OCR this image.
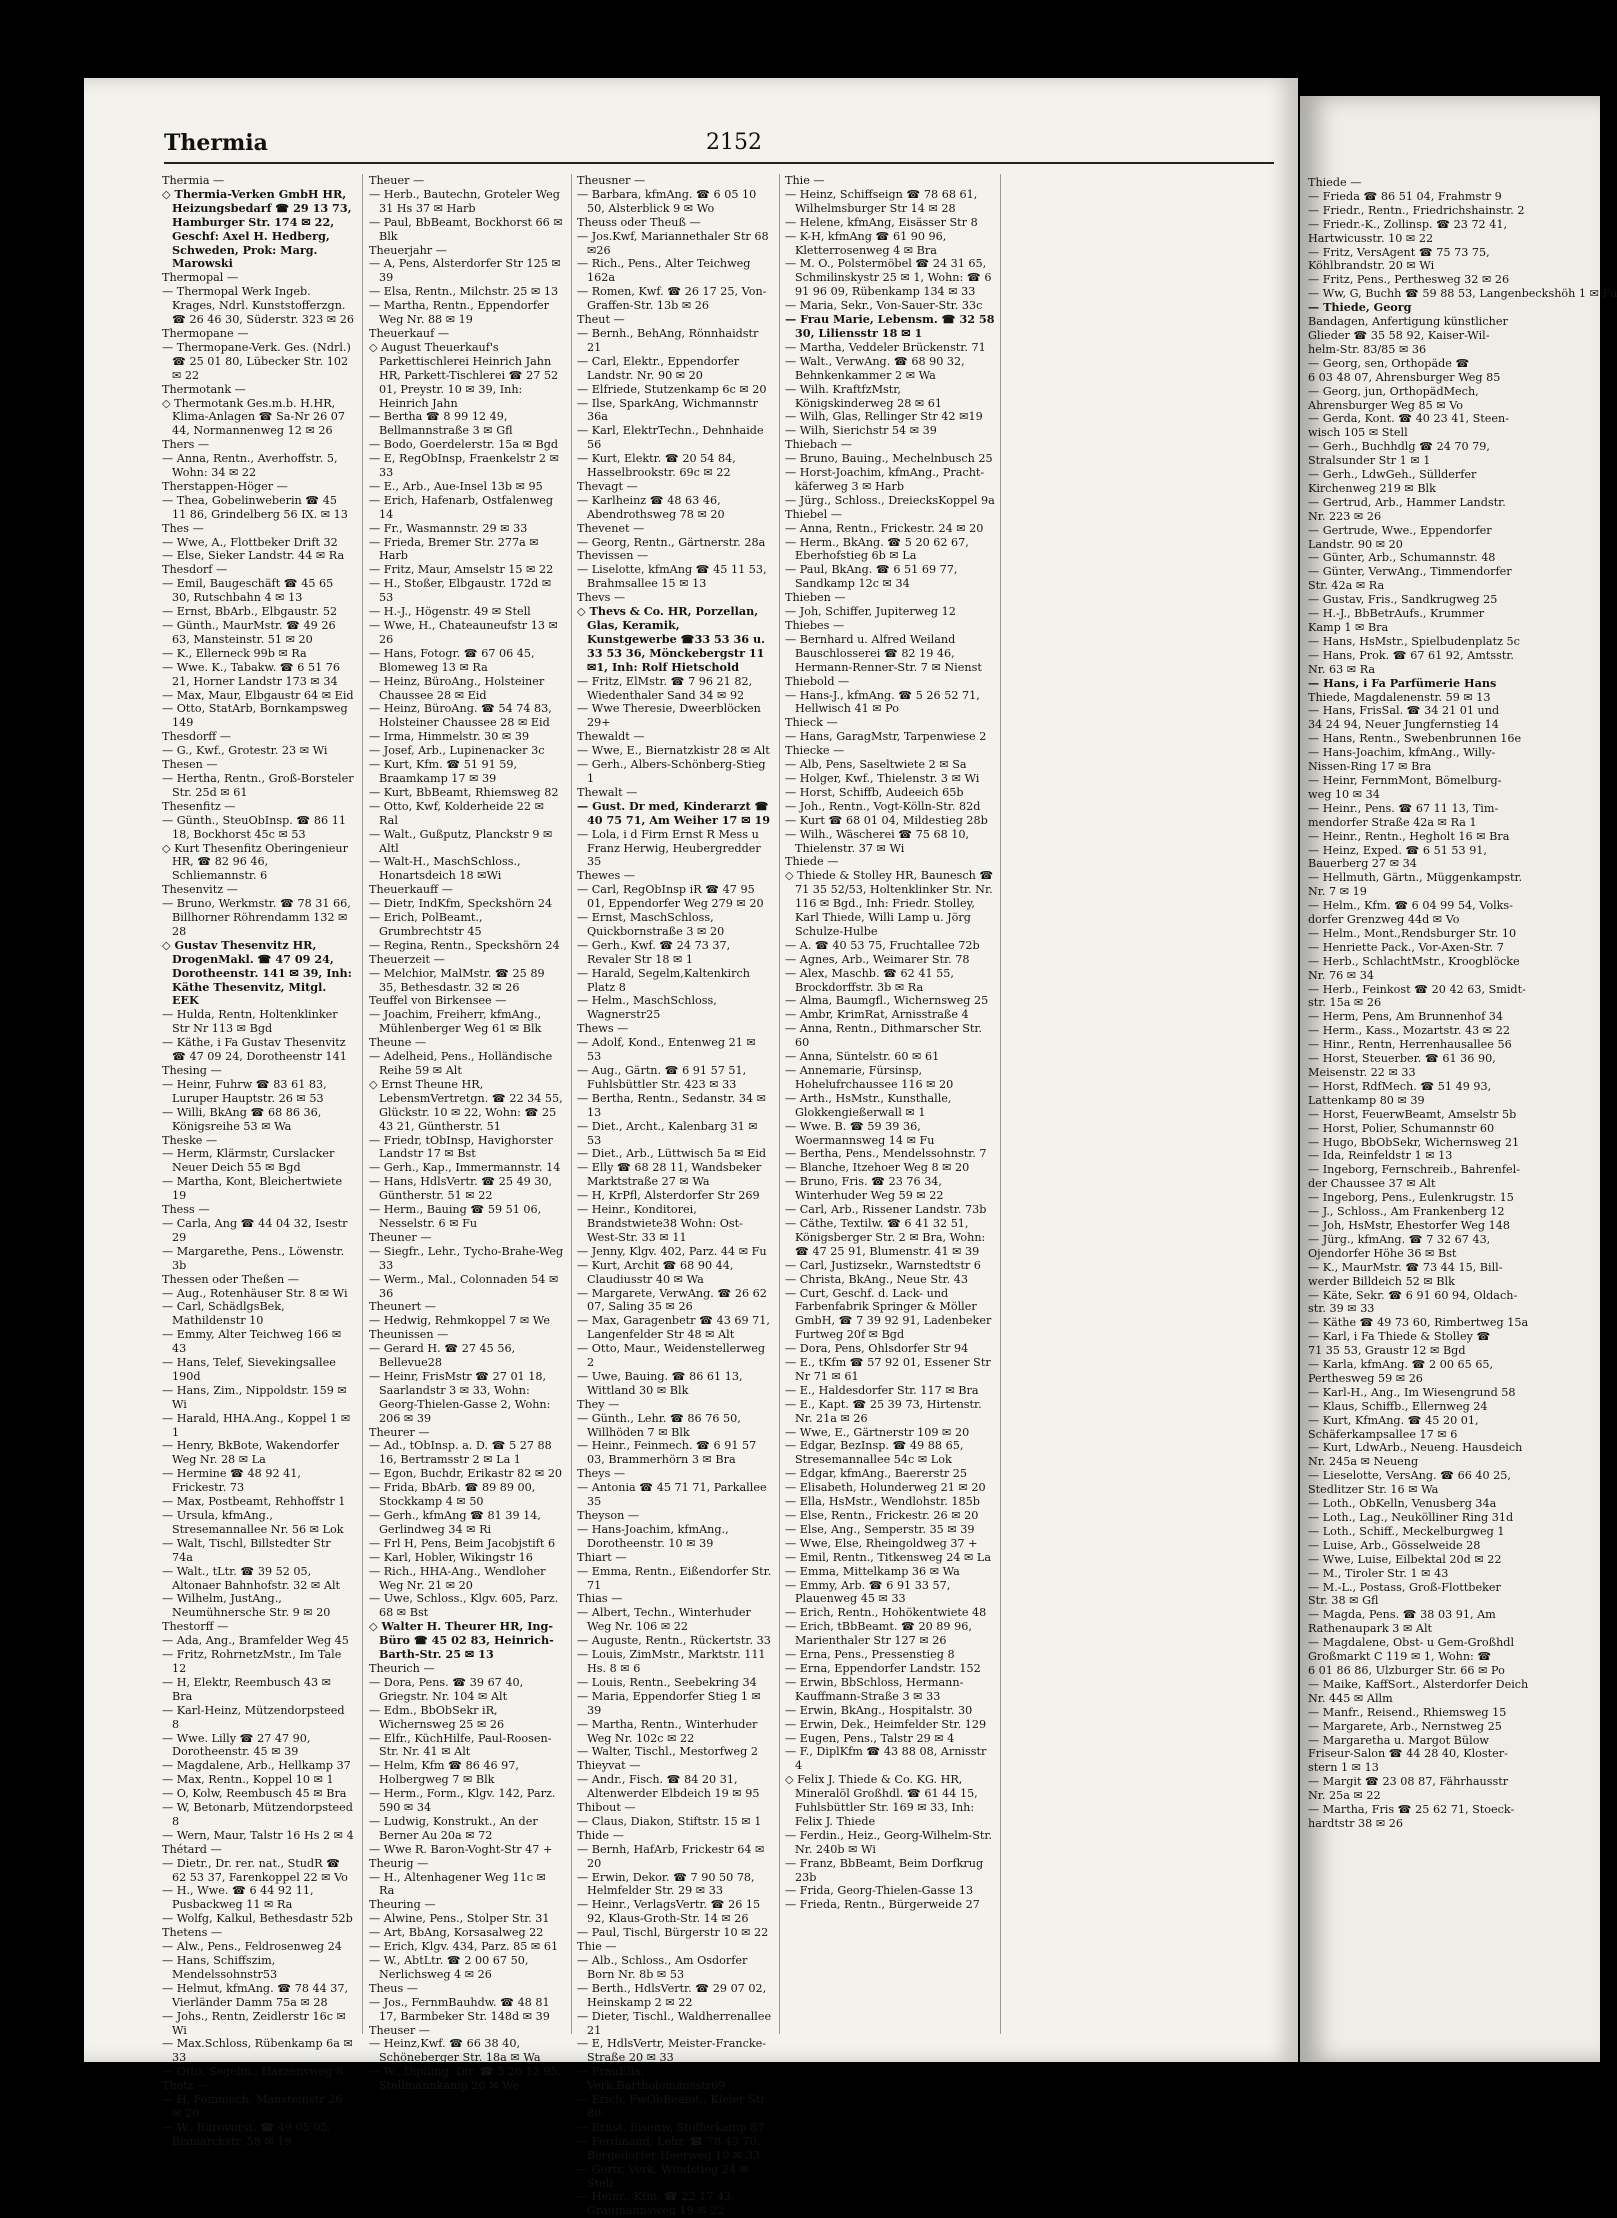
Thermia	2152

Thermia —

◇ Thermia-Verken GmbH HR, Heizungsbedarf ☎ 29 13 73, Hamburger Str. 174 ✉ 22, Geschf: Axel H. Hedberg, Schweden, Prok: Marg. Marowski

Thermopal —

— Thermopal Werk Ingeb. Krages, Ndrl. Kunststofferzgn. ☎ 26 46 30, Süderstr. 323 ✉ 26

Thermopane —

— Thermopane-Verk. Ges. (Ndrl.) ☎ 25 01 80, Lübecker Str. 102 ✉ 22

Thermotank —

◇ Thermotank Ges.m.b. H.HR, Klima-Anlagen ☎ Sa-Nr 26 07 44, Normannenweg 12 ✉ 26

Thers —

— Anna, Rentn., Averhoffstr. 5, Wohn: 34 ✉ 22

Therstappen-Höger —

— Thea, Gobelinweberin ☎ 45 11 86, Grindelberg 56 IX. ✉ 13

Thes —

— Wwe, A., Flottbeker Drift 32

— Else, Sieker Landstr. 44 ✉ Ra

Thesdorf —

— Emil, Baugeschäft ☎ 45 65 30, Rutschbahn 4 ✉ 13

— Ernst, BbArb., Elbgaustr. 52

— Günth., MaurMstr. ☎ 49 26 63, Mansteinstr. 51 ✉ 20

— K., Ellerneck 99b ✉ Ra

— Wwe. K., Tabakw. ☎ 6 51 76 21, Horner Landstr 173 ✉ 34

— Max, Maur, Elbgaustr 64 ✉ Eid

— Otto, StatArb, Bornkampsweg 149

Thesdorff —

— G., Kwf., Grotestr. 23 ✉ Wi

Thesen —

— Hertha, Rentn., Groß-Borsteler Str. 25d ✉ 61

Thesenfitz —

— Günth., SteuObInsp. ☎ 86 11 18, Bockhorst 45c ✉ 53

◇ Kurt Thesenfitz Oberingenieur HR, ☎ 82 96 46, Schliemannstr. 6

Thesenvitz —

— Bruno, Werkmstr. ☎ 78 31 66, Billhorner Röhrendamm 132 ✉ 28

◇ Gustav Thesenvitz HR, DrogenMakl. ☎ 47 09 24, Dorotheenstr. 141 ✉ 39, Inh: Käthe Thesenvitz, Mitgl. EEK

— Hulda, Rentn, Holtenklinker Str Nr 113 ✉ Bgd

— Käthe, i Fa Gustav Thesenvitz ☎ 47 09 24, Dorotheenstr 141

Thesing —

— Heinr, Fuhrw ☎ 83 61 83, Luruper Hauptstr. 26 ✉ 53

— Willi, BkAng ☎ 68 86 36, Königsreihe 53 ✉ Wa

Theske —

— Herm, Klärmstr, Curslacker Neuer Deich 55 ✉ Bgd

— Martha, Kont, Bleichertwiete 19

Thess —

— Carla, Ang ☎ 44 04 32, Isestr 29

— Margarethe, Pens., Löwenstr. 3b

Thessen oder Theßen —

— Aug., Rotenhäuser Str. 8 ✉ Wi

— Carl, SchädlgsBek, Mathildenstr 10

— Emmy, Alter Teichweg 166 ✉ 43

— Hans, Telef, Sievekingsallee 190d

— Hans, Zim., Nippoldstr. 159 ✉ Wi

— Harald, HHA.Ang., Koppel 1 ✉ 1

— Henry, BkBote, Wakendorfer Weg Nr. 28 ✉ La

— Hermine ☎ 48 92 41, Frickestr. 73

— Max, Postbeamt, Rehhoffstr 1

— Ursula, kfmAng., Stresemannallee Nr. 56 ✉ Lok

— Walt, Tischl, Billstedter Str 74a

— Walt., tLtr. ☎ 39 52 05, Altonaer Bahnhofstr. 32 ✉ Alt

— Wilhelm, JustAng., Neumühnersche Str. 9 ✉ 20

Thestorff —

— Ada, Ang., Bramfelder Weg 45

— Fritz, RohrnetzMstr., Im Tale 12

— H, Elektr, Reembusch 43 ✉ Bra

— Karl-Heinz, Mützendorpsteed 8

— Wwe. Lilly ☎ 27 47 90, Dorotheenstr. 45 ✉ 39

— Magdalene, Arb., Hellkamp 37

— Max, Rentn., Koppel 10 ✉ 1

— O, Kolw, Reembusch 45 ✉ Bra

— W, Betonarb, Mützendorpsteed 8

— Wern, Maur, Talstr 16 Hs 2 ✉ 4

Thétard —

— Dietr., Dr. rer. nat., StudR ☎ 62 53 37, Farenkoppel 22 ✉ Vo

— H., Wwe. ☎ 6 44 92 11, Pusbackweg 11 ✉ Ra

— Wolfg, Kalkul, Bethesdastr 52b

Thetens —

— Alw., Pens., Feldrosenweg 24

— Hans, Schiffszim, Mendelssohnstr53

— Helmut, kfmAng. ☎ 78 44 37, Vierländer Damm 75a ✉ 28

— Johs., Rentn, Zeidlerstr 16c ✉ Wi

— Max.Schloss, Rübenkamp 6a ✉33

— Otto, Segelm., Harzensweg 8

Thetz —

— H, Feinmech, Mansteinstr 26 ✉ 20

— W., Bürovorst. ☎ 49 05 05, Bismarckstr. 58 ✉ 19

Theuer —

— Herb., Bautechn, Groteler Weg 31 Hs 37 ✉ Harb

— Paul, BbBeamt, Bockhorst 66 ✉Blk

Theuerjahr —

— A, Pens, Alsterdorfer Str 125 ✉39

— Elsa, Rentn., Milchstr. 25 ✉ 13

— Martha, Rentn., Eppendorfer Weg Nr. 88 ✉ 19

Theuerkauf —

◇ August Theuerkauf's Parkettischlerei Heinrich Jahn HR, Parkett-Tischlerei ☎ 27 52 01, Preystr. 10 ✉ 39, Inh: Heinrich Jahn

— Bertha ☎ 8 99 12 49, Bellmannstraße 3 ✉ Gfl

— Bodo, Goerdelerstr. 15a ✉ Bgd

— E, RegObInsp, Fraenkelstr 2 ✉ 33

— E., Arb., Aue-Insel 13b ✉ 95

— Erich, Hafenarb, Ostfalenweg 14

— Fr., Wasmannstr. 29 ✉ 33

— Frieda, Bremer Str. 277a ✉ Harb

— Fritz, Maur, Amselstr 15 ✉ 22

— H., Stoßer, Elbgaustr. 172d ✉ 53

— H.-J., Högenstr. 49 ✉ Stell

— Wwe, H., Chateauneufstr 13 ✉ 26

— Hans, Fotogr. ☎ 67 06 45, Blomeweg 13 ✉ Ra

— Heinz, BüroAng., Holsteiner Chaussee 28 ✉ Eid

— Heinz, BüroAng. ☎ 54 74 83, Holsteiner Chaussee 28 ✉ Eid

— Irma, Himmelstr. 30 ✉ 39

— Josef, Arb., Lupinenacker 3c

— Kurt, Kfm. ☎ 51 91 59, Braamkamp 17 ✉ 39

— Kurt, BbBeamt, Rhiemsweg 82

— Otto, Kwf, Kolderheide 22 ✉ Ral

— Walt., Gußputz, Planckstr 9 ✉Altl

— Walt-H., MaschSchloss., Honartsdeich 18 ✉Wi

Theuerkauff —

— Dietr, IndKfm, Speckshörn 24

— Erich, PolBeamt., Grumbrechtstr 45

— Regina, Rentn., Speckshörn 24

Theuerzeit —

— Melchior, MalMstr. ☎ 25 89 35, Bethesdastr. 32 ✉ 26

Teuffel von Birkensee —

— Joachim, Freiherr, kfmAng., Mühlenberger Weg 61 ✉ Blk

Theune —

— Adelheid, Pens., Holländische Reihe 59 ✉ Alt

◇ Ernst Theune HR, LebensmVertretgn. ☎ 22 34 55, Glückstr. 10 ✉ 22, Wohn: ☎ 25 43 21, Güntherstr. 51

— Friedr, tObInsp, Havighorster Landstr 17 ✉ Bst

— Gerh., Kap., Immermannstr. 14

— Hans, HdlsVertr. ☎ 25 49 30, Güntherstr. 51 ✉ 22

— Herm., Bauing ☎ 59 51 06, Nesselstr. 6 ✉ Fu

Theuner —

— Siegfr., Lehr., Tycho-Brahe-Weg 33

— Werm., Mal., Colonnaden 54 ✉ 36

Theunert —

— Hedwig, Rehmkoppel 7 ✉ We

Theunissen —

— Gerard H. ☎ 27 45 56, Bellevue28

— Heinr, FrisMstr ☎ 27 01 18, Saarlandstr 3 ✉ 33, Wohn: Georg-Thielen-Gasse 2, Wohn: 206 ✉ 39

Theurer —

— Ad., tObInsp. a. D. ☎ 5 27 88 16, Bertramsstr 2 ✉ La 1

— Egon, Buchdr, Erikastr 82 ✉ 20

— Frida, BbArb. ☎ 89 89 00, Stockkamp 4 ✉ 50

— Gerh., kfmAng ☎ 81 39 14, Gerlindweg 34 ✉ Ri

— Frl H, Pens, Beim Jacobjstift 6

— Karl, Hobler, Wikingstr 16

— Rich., HHA-Ang., Wendloher Weg Nr. 21 ✉ 20

— Uwe, Schloss., Klgv. 605, Parz. 68 ✉ Bst

◇ Walter H. Theurer HR, Ing-Büro ☎ 45 02 83, Heinrich-Barth-Str. 25 ✉ 13

Theurich —

— Dora, Pens. ☎ 39 67 40, Griegstr. Nr. 104 ✉ Alt

— Edm., BbObSekr iR, Wichernsweg 25 ✉ 26

— Elfr., KüchHilfe, Paul-Roosen-Str. Nr. 41 ✉ Alt

— Helm, Kfm ☎ 86 46 97, Holbergweg 7 ✉ Blk

— Herm., Form., Klgv. 142, Parz. 590 ✉ 34

— Ludwig, Konstrukt., An der Berner Au 20a ✉ 72

— Wwe R. Baron-Voght-Str 47 +

Theurig —

— H., Altenhagener Weg 11c ✉ Ra

Theuring —

— Alwine, Pens., Stolper Str. 31

— Art, BbAng, Korsasalweg 22

— Erich, Klgv. 434, Parz. 85 ✉ 61

— W., AbtLtr. ☎ 2 00 67 50, Nerlichsweg 4 ✉ 26

Theus —

— Jos., FernmBauhdw. ☎ 48 81 17, Barmbeker Str. 148d ✉ 39

Theuser —

— Heinz,Kwf. ☎ 66 38 40, Schöneberger Str. 18a ✉ Wa

— W., Diplling. Dir. ☎ 5 26 12 95, Stellmannkamp 20 ✉ We

Theusner —

— Barbara, kfmAng. ☎ 6 05 10 50, Alsterblick 9 ✉ Wo

Theuss oder Theuß —

— Jos.Kwf, Mariannethaler Str 68 ✉26

— Rich., Pens., Alter Teichweg 162a

— Romen, Kwf. ☎ 26 17 25, Von-Graffen-Str. 13b ✉ 26

Theut —

— Bernh., BehAng, Rönnhaidstr 21

— Carl, Elektr., Eppendorfer Landstr. Nr. 90 ✉ 20

— Elfriede, Stutzenkamp 6c ✉ 20

— Ilse, SparkAng, Wichmannstr 36a

— Karl, ElektrTechn., Dehnhaide 56

— Kurt, Elektr. ☎ 20 54 84, Hasselbrookstr. 69c ✉ 22

Thevagt —

— Karlheinz ☎ 48 63 46, Abendrothsweg 78 ✉ 20

Thevenet —

— Georg, Rentn., Gärtnerstr. 28a

Thevissen —

— Liselotte, kfmAng ☎ 45 11 53, Brahmsallee 15 ✉ 13

Thevs —

◇ Thevs & Co. HR, Porzellan, Glas, Keramik, Kunstgewerbe ☎33 53 36 u. 33 53 36, Mönckebergstr 11 ✉1, Inh: Rolf Hietschold

— Fritz, ElMstr. ☎ 7 96 21 82, Wiedenthaler Sand 34 ✉ 92

— Wwe Theresie, Dweerblöcken 29+

Thewaldt —

— Wwe, E., Biernatzkistr 28 ✉ Alt

— Gerh., Albers-Schönberg-Stieg 1

Thewalt —

— Gust. Dr med, Kinderarzt ☎ 40 75 71, Am Weiher 17 ✉ 19

— Lola, i d Firm Ernst R Mess u Franz Herwig, Heubergredder 35

Thewes —

— Carl, RegObInsp iR ☎ 47 95 01, Eppendorfer Weg 279 ✉ 20

— Ernst, MaschSchloss, Quickbornstraße 3 ✉ 20

— Gerh., Kwf. ☎ 24 73 37, Revaler Str 18 ✉ 1

— Harald, Segelm,Kaltenkirch Platz 8

— Helm., MaschSchloss, Wagnerstr25

Thews —

— Adolf, Kond., Entenweg 21 ✉ 53

— Aug., Gärtn. ☎ 6 91 57 51, Fuhlsbüttler Str. 423 ✉ 33

— Bertha, Rentn., Sedanstr. 34 ✉ 13

— Diet., Archt., Kalenbarg 31 ✉ 53

— Diet., Arb., Lüttwisch 5a ✉ Eid

— Elly ☎ 68 28 11, Wandsbeker Marktstraße 27 ✉ Wa

— H, KrPfl, Alsterdorfer Str 269

— Heinr., Konditorei, Brandstwiete38 Wohn: Ost-West-Str. 33 ✉ 11

— Jenny, Klgv. 402, Parz. 44 ✉ Fu

— Kurt, Archit ☎ 68 90 44, Claudiusstr 40 ✉ Wa

— Margarete, VerwAng. ☎ 26 62 07, Saling 35 ✉ 26

— Max, Garagenbetr ☎ 43 69 71, Langenfelder Str 48 ✉ Alt

— Otto, Maur., Weidenstellerweg 2

— Uwe, Bauing. ☎ 86 61 13, Wittland 30 ✉ Blk

They —

— Günth., Lehr. ☎ 86 76 50, Willhöden 7 ✉ Blk

— Heinr., Feinmech. ☎ 6 91 57 03, Brammerhörn 3 ✉ Bra

Theys —

— Antonia ☎ 45 71 71, Parkallee 35

Theyson —

— Hans-Joachim, kfmAng., Dorotheenstr. 10 ✉ 39

Thiart —

— Emma, Rentn., Eißendorfer Str. 71

Thias —

— Albert, Techn., Winterhuder Weg Nr. 106 ✉ 22

— Auguste, Rentn., Rückertstr. 33

— Louis, ZimMstr., Marktstr. 111 Hs. 8 ✉ 6

— Louis, Rentn., Seebekring 34

— Maria, Eppendorfer Stieg 1 ✉ 39

— Martha, Rentn., Winterhuder Weg Nr. 102c ✉ 22

— Walter, Tischl., Mestorfweg 2

Thieyvat —

— Andr., Fisch. ☎ 84 20 31, Altenwerder Elbdeich 19 ✉ 95

Thibout —

— Claus, Diakon, Stiftstr. 15 ✉ 1

Thide —

— Bernh, HafArb, Frickestr 64 ✉ 20

— Erwin, Dekor. ☎ 7 90 50 78, Helmfelder Str. 29 ✉ 33

— Heinr., VerlagsVertr. ☎ 26 15 92, Klaus-Groth-Str. 14 ✉ 26

— Paul, Tischl, Bürgerstr 10 ✉ 22

Thie —

— Alb., Schloss., Am Osdorfer Born Nr. 8b ✉ 53

— Berth., HdlsVertr. ☎ 29 07 02, Heinskamp 2 ✉ 22

— Dieter, Tischl., Waldherrenallee 21

— E, HdlsVertr, Meister-Francke-Straße 20 ✉ 33

— FrauElla, Verk,Bartholomäusstr69

— Erich, FwObBeamt., Kieler Str. 80

— Ernst, Eisenw, Stofferkamp 87

— Ferdinand, Lehr. ☎ 78 43 70, Bergedorfer Heerweg 10 ✉ 33

— Gertr, Verk, Windstieg 24 ✉ Stell

— Heinr., Kfm. ☎ 22 17 43, Graumannsweg 19 ✉ 22

Thie —

— Heinz, Schiffseign ☎ 78 68 61, Wilhelmsburger Str 14 ✉ 28

— Helene, kfmAng, Eisässer Str 8

— K-H, kfmAng ☎ 61 90 96, Kletterrosenweg 4 ✉ Bra

— M. O., Polstermöbel ☎ 24 31 65, Schmilinskystr 25 ✉ 1, Wohn: ☎ 6 91 96 09, Rübenkamp 134 ✉ 33

— Maria, Sekr., Von-Sauer-Str. 33c

— Frau Marie, Lebensm. ☎ 32 58 30, Liliensstr 18 ✉ 1

— Martha, Veddeler Brückenstr. 71

— Walt., VerwAng. ☎ 68 90 32, Behnkenkammer 2 ✉ Wa

— Wilh. KraftfzMstr, Königskinderweg 28 ✉ 61

— Wilh, Glas, Rellinger Str 42 ✉19

— Wilh, Sierichstr 54 ✉ 39

Thiebach —

— Bruno, Bauing., Mechelnbusch 25

— Horst-Joachim, kfmAng., Pracht-käferweg 3 ✉ Harb

— Jürg., Schloss., DreiecksKoppel 9a

Thiebel —

— Anna, Rentn., Frickestr. 24 ✉ 20

— Herm., BkAng. ☎ 5 20 62 67, Eberhofstieg 6b ✉ La

— Paul, BkAng. ☎ 6 51 69 77, Sandkamp 12c ✉ 34

Thieben —

— Joh, Schiffer, Jupiterweg 12

Thiebes —

— Bernhard u. Alfred Weiland Bauschlosserei ☎ 82 19 46, Hermann-Renner-Str. 7 ✉ Nienst

Thiebold —

— Hans-J., kfmAng. ☎ 5 26 52 71, Hellwisch 41 ✉ Po

Thieck —

— Hans, GaragMstr, Tarpenwiese 2

Thiecke —

— Alb, Pens, Saseltwiete 2 ✉ Sa

— Holger, Kwf., Thielenstr. 3 ✉ Wi

— Horst, Schiffb, Audeeich 65b

— Joh., Rentn., Vogt-Kölln-Str. 82d

— Kurt ☎ 68 01 04, Mildestieg 28b

— Wilh., Wäscherei ☎ 75 68 10, Thielenstr. 37 ✉ Wi

Thiede —

◇ Thiede & Stolley HR, Baunesch ☎ 71 35 52/53, Holtenklinker Str. Nr. 116 ✉ Bgd., Inh: Friedr. Stolley, Karl Thiede, Willi Lamp u. Jörg Schulze-Hulbe

— A. ☎ 40 53 75, Fruchtallee 72b

— Agnes, Arb., Weimarer Str. 78

— Alex, Maschb. ☎ 62 41 55, Brockdorffstr. 3b ✉ Ra

— Alma, Baumgfl., Wichernsweg 25

— Ambr, KrimRat, Arnisstraße 4

— Anna, Rentn., Dithmarscher Str. 60

— Anna, Süntelstr. 60 ✉ 61

— Annemarie, Fürsinsp, Hohelufrchaussee 116 ✉ 20

— Arth., HsMstr., Kunsthalle, Glokkengießerwall ✉ 1

— Wwe. B. ☎ 59 39 36, Woermannsweg 14 ✉ Fu

— Bertha, Pens., Mendelssohnstr. 7

— Blanche, Itzehoer Weg 8 ✉ 20

— Bruno, Fris. ☎ 23 76 34, Winterhuder Weg 59 ✉ 22

— Carl, Arb., Rissener Landstr. 73b

— Cäthe, Textilw. ☎ 6 41 32 51, Königsberger Str. 2 ✉ Bra, Wohn: ☎ 47 25 91, Blumenstr. 41 ✉ 39

— Carl, Justizsekr., Warnstedtstr 6

— Christa, BkAng., Neue Str. 43

— Curt, Geschf. d. Lack- und Farbenfabrik Springer & Möller GmbH, ☎ 7 39 92 91, Ladenbeker Furtweg 20f ✉ Bgd

— Dora, Pens, Ohlsdorfer Str 94

— E., tKfm ☎ 57 92 01, Essener Str Nr 71 ✉ 61

— E., Haldesdorfer Str. 117 ✉ Bra

— E., Kapt. ☎ 25 39 73, Hirtenstr. Nr. 21a ✉ 26

— Wwe, E., Gärtnerstr 109 ✉ 20

— Edgar, BezInsp. ☎ 49 88 65, Stresemannallee 54c ✉ Lok

— Edgar, kfmAng., Baererstr 25

— Elisabeth, Holunderweg 21 ✉ 20

— Ella, HsMstr., Wendlohstr. 185b

— Else, Rentn., Frickestr. 26 ✉ 20

— Else, Ang., Semperstr. 35 ✉ 39

— Wwe, Else, Rheingoldweg 37 +

— Emil, Rentn., Titkensweg 24 ✉ La

— Emma, Mittelkamp 36 ✉ Wa

— Emmy, Arb. ☎ 6 91 33 57, Plauenweg 45 ✉ 33

— Erich, Rentn., Hohökentwiete 48

— Erich, tBbBeamt. ☎ 20 89 96, Marienthaler Str 127 ✉ 26

— Erna, Pens., Pressenstieg 8

— Erna, Eppendorfer Landstr. 152

— Erwin, BbSchloss, Hermann-Kauffmann-Straße 3 ✉ 33

— Erwin, BkAng., Hospitalstr. 30

— Erwin, Dek., Heimfelder Str. 129

— Eugen, Pens., Talstr 29 ✉ 4

— F., DiplKfm ☎ 43 88 08, Arnisstr 4

◇ Felix J. Thiede & Co. KG. HR, Mineralöl Großhdl. ☎ 61 44 15, Fuhlsbüttler Str. 169 ✉ 33, Inh: Felix J. Thiede

— Ferdin., Heiz., Georg-Wilhelm-Str. Nr. 240b ✉ Wi

— Franz, BbBeamt, Beim Dorfkrug 23b

— Frida, Georg-Thielen-Gasse 13

— Frieda, Rentn., Bürgerweide 27

Thiede —

— Frieda ☎ 86 51 04, Frahmstr 9

— Friedr., Rentn., Friedrichshainstr. 2

— Friedr.-K., Zollinsp. ☎ 23 72 41,

Hartwicusstr. 10 ✉ 22

— Fritz, VersAgent ☎ 75 73 75,

Köhlbrandstr. 20 ✉ Wi

— Fritz, Pens., Perthesweg 32 ✉ 26

— Ww, G, Buchh ☎ 59 88 53, Langenbeckshöh 1 ✉ Fu

— Thiede, Georg

Bandagen, Anfertigung künstlicher

Glieder ☎ 35 58 92, Kaiser-Wil-

helm-Str. 83/85 ✉ 36

— Georg, sen, Orthopäde ☎

6 03 48 07, Ahrensburger Weg 85

— Georg, jun, OrthopädMech,

Ahrensburger Weg 85 ✉ Vo

— Gerda, Kont. ☎ 40 23 41, Steen-

wisch 105 ✉ Stell

— Gerh., Buchhdlg ☎ 24 70 79,

Stralsunder Str 1 ✉ 1

— Gerh., LdwGeh., Süllderfer

Kirchenweg 219 ✉ Blk

— Gertrud, Arb., Hammer Landstr.

Nr. 223 ✉ 26

— Gertrude, Wwe., Eppendorfer

Landstr. 90 ✉ 20

— Günter, Arb., Schumannstr. 48

— Günter, VerwAng., Timmendorfer

Str. 42a ✉ Ra

— Gustav, Fris., Sandkrugweg 25

— H.-J., BbBetrAufs., Krummer

Kamp 1 ✉ Bra

— Hans, HsMstr., Spielbudenplatz 5c

— Hans, Prok. ☎ 67 61 92, Amtsstr.

Nr. 63 ✉ Ra

— Hans, i Fa Parfümerie Hans

Thiede, Magdalenenstr. 59 ✉ 13

— Hans, FrisSal. ☎ 34 21 01 und

34 24 94, Neuer Jungfernstieg 14

— Hans, Rentn., Swebenbrunnen 16e

— Hans-Joachim, kfmAng., Willy-

Nissen-Ring 17 ✉ Bra

— Heinr, FernmMont, Bömelburg-

weg 10 ✉ 34

— Heinr., Pens. ☎ 67 11 13, Tim-

mendorfer Straße 42a ✉ Ra 1

— Heinr., Rentn., Hegholt 16 ✉ Bra

— Heinz, Exped. ☎ 6 51 53 91,

Bauerberg 27 ✉ 34

— Hellmuth, Gärtn., Müggenkampstr.

Nr. 7 ✉ 19

— Helm., Kfm. ☎ 6 04 99 54, Volks-

dorfer Grenzweg 44d ✉ Vo

— Helm., Mont.,Rendsburger Str. 10

— Henriette Pack., Vor-Axen-Str. 7

— Herb., SchlachtMstr., Kroogblöcke

Nr. 76 ✉ 34

— Herb., Feinkost ☎ 20 42 63, Smidt-

str. 15a ✉ 26

— Herm, Pens, Am Brunnenhof 34

— Herm., Kass., Mozartstr. 43 ✉ 22

— Hinr., Rentn, Herrenhausallee 56

— Horst, Steuerber. ☎ 61 36 90,

Meisenstr. 22 ✉ 33

— Horst, RdfMech. ☎ 51 49 93,

Lattenkamp 80 ✉ 39

— Horst, FeuerwBeamt, Amselstr 5b

— Horst, Polier, Schumannstr 60

— Hugo, BbObSekr, Wichernsweg 21

— Ida, Reinfeldstr 1 ✉ 13

— Ingeborg, Fernschreib., Bahrenfel-

der Chaussee 37 ✉ Alt

— Ingeborg, Pens., Eulenkrugstr. 15

— J., Schloss., Am Frankenberg 12

— Joh, HsMstr, Ehestorfer Weg 148

— Jürg., kfmAng. ☎ 7 32 67 43,

Ojendorfer Höhe 36 ✉ Bst

— K., MaurMstr. ☎ 73 44 15, Bill-

werder Billdeich 52 ✉ Blk

— Käte, Sekr. ☎ 6 91 60 94, Oldach-

str. 39 ✉ 33

— Käthe ☎ 49 73 60, Rimbertweg 15a

— Karl, i Fa Thiede & Stolley ☎

71 35 53, Graustr 12 ✉ Bgd

— Karla, kfmAng. ☎ 2 00 65 65,

Perthesweg 59 ✉ 26

— Karl-H., Ang., Im Wiesengrund 58

— Klaus, Schiffb., Ellernweg 24

— Kurt, KfmAng. ☎ 45 20 01,

Schäferkampsallee 17 ✉ 6

— Kurt, LdwArb., Neueng. Hausdeich

Nr. 245a ✉ Neueng

— Lieselotte, VersAng. ☎ 66 40 25,

Stedlitzer Str. 16 ✉ Wa

— Loth., ObKelln, Venusberg 34a

— Loth., Lag., Neukölliner Ring 31d

— Loth., Schiff., Meckelburgweg 1

— Luise, Arb., Gösselweide 28

— Wwe, Luise, Eilbektal 20d ✉ 22

— M., Tiroler Str. 1 ✉ 43

— M.-L., Postass, Groß-Flottbeker

Str. 38 ✉ Gfl

— Magda, Pens. ☎ 38 03 91, Am

Rathenaupark 3 ✉ Alt

— Magdalene, Obst- u Gem-Großhdl

Großmarkt C 119 ✉ 1, Wohn: ☎

6 01 86 86, Ulzburger Str. 66 ✉ Po

— Maike, KaffSort., Alsterdorfer Deich

Nr. 445 ✉ Allm

— Manfr., Reisend., Rhiemsweg 15

— Margarete, Arb., Nernstweg 25

— Margaretha u. Margot Bülow

Friseur-Salon ☎ 44 28 40, Kloster-

stern 1 ✉ 13

— Margit ☎ 23 08 87, Fährhausstr

Nr. 25a ✉ 22

— Martha, Fris ☎ 25 62 71, Stoeck-

hardtstr 38 ✉ 26
